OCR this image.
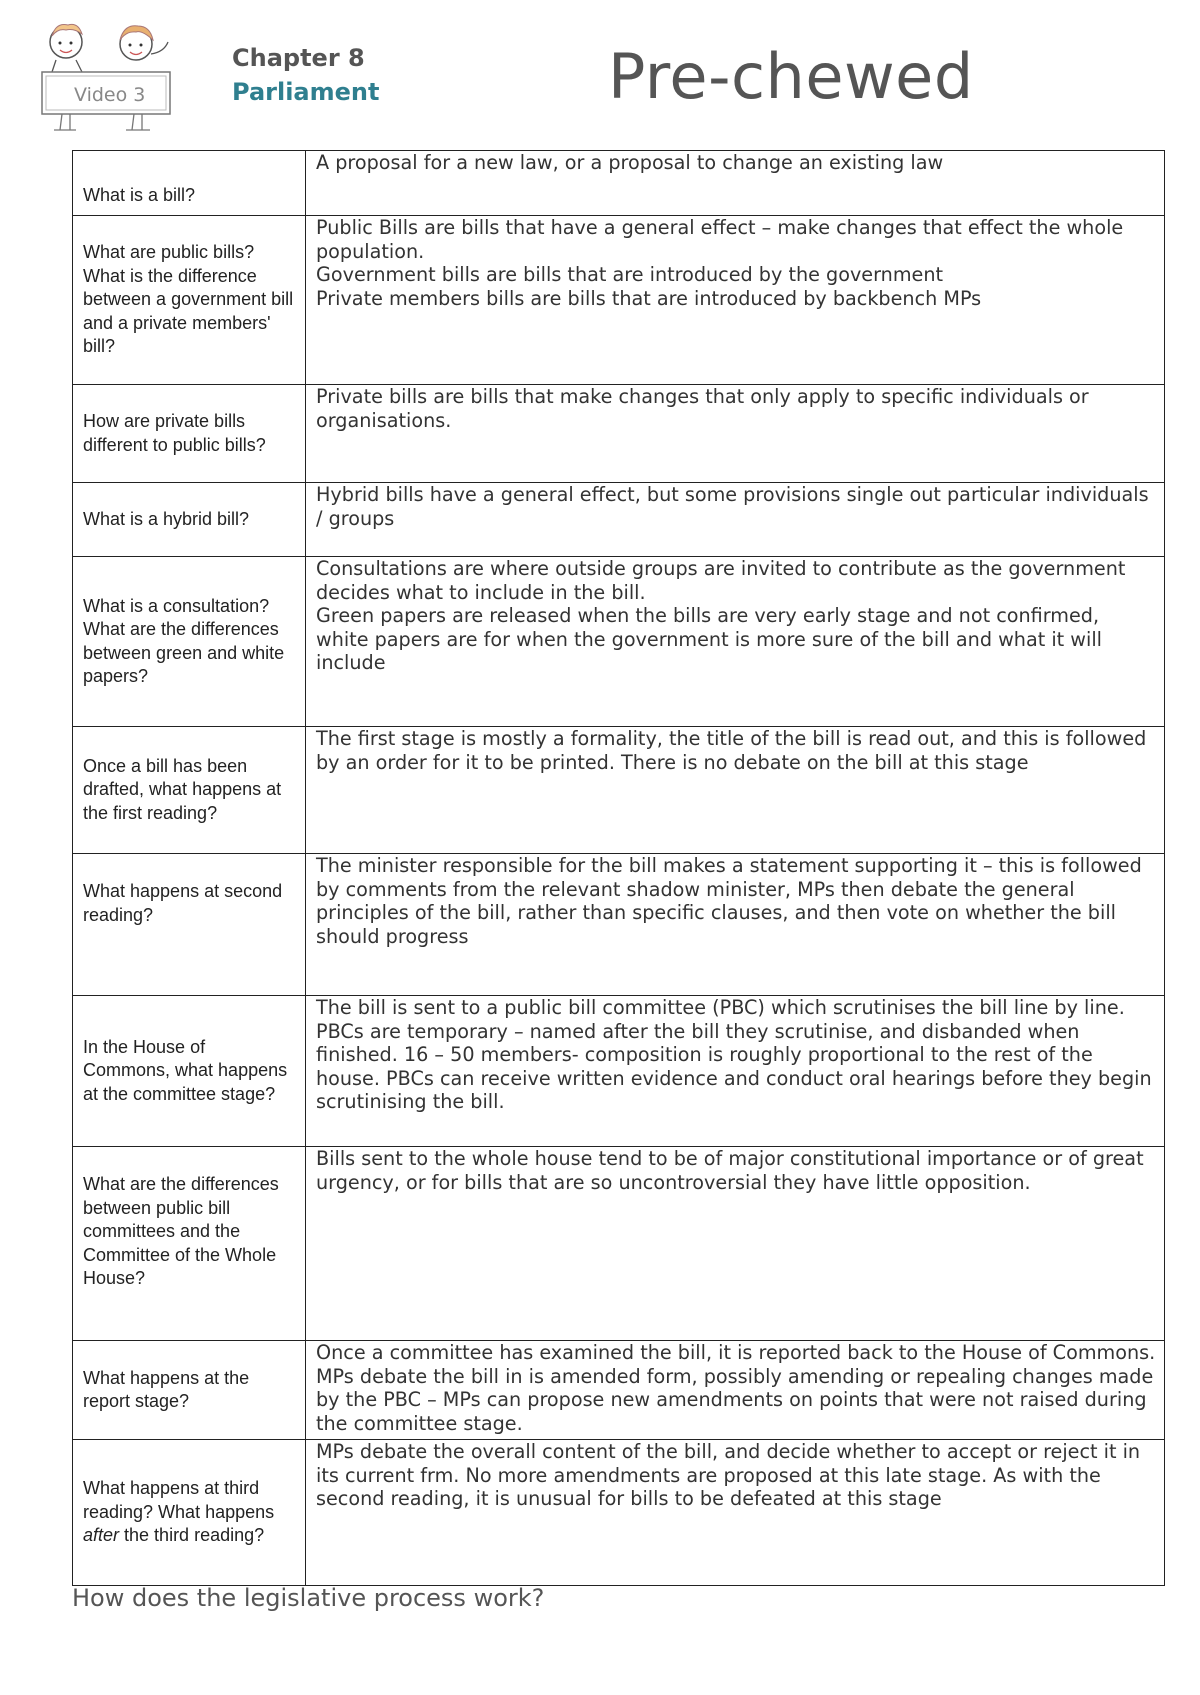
Video 3
Chapter 8
Parliament	Pre-chewed
What is a bill?	A proposal for a new law, or a proposal to change an existing law

What are public bills? What is the difference between a government bill and a private members' bill?	Public Bills are bills that have a general effect – make changes that effect the whole population.
Government bills are bills that are introduced by the government
Private members bills are bills that are introduced by backbench MPs

How are private bills different to public bills?	Private bills are bills that make changes that only apply to specific individuals or organisations.

What is a hybrid bill?	Hybrid bills have a general effect, but some provisions single out particular individuals / groups

What is a consultation? What are the differences between green and white papers?	Consultations are where outside groups are invited to contribute as the government decides what to include in the bill.
Green papers are released when the bills are very early stage and not confirmed, white papers are for when the government is more sure of the bill and what it will include

Once a bill has been drafted, what happens at the first reading?	The first stage is mostly a formality, the title of the bill is read out, and this is followed by an order for it to be printed. There is no debate on the bill at this stage

What happens at second reading?	The minister responsible for the bill makes a statement supporting it – this is followed by comments from the relevant shadow minister, MPs then debate the general principles of the bill, rather than specific clauses, and then vote on whether the bill should progress

In the House of Commons, what happens at the committee stage?	The bill is sent to a public bill committee (PBC) which scrutinises the bill line by line. PBCs are temporary – named after the bill they scrutinise, and disbanded when finished. 16 – 50 members- composition is roughly proportional to the rest of the house. PBCs can receive written evidence and conduct oral hearings before they begin scrutinising the bill.

What are the differences between public bill committees and the Committee of the Whole House?	Bills sent to the whole house tend to be of major constitutional importance or of great urgency, or for bills that are so uncontroversial they have little opposition.

What happens at the report stage?	Once a committee has examined the bill, it is reported back to the House of Commons. MPs debate the bill in is amended form, possibly amending or repealing changes made by the PBC – MPs can propose new amendments on points that were not raised during the committee stage.

What happens at third reading? What happens after the third reading?	MPs debate the overall content of the bill, and decide whether to accept or reject it in its current frm. No more amendments are proposed at this late stage. As with the second reading, it is unusual for bills to be defeated at this stage
How does the legislative process work?
